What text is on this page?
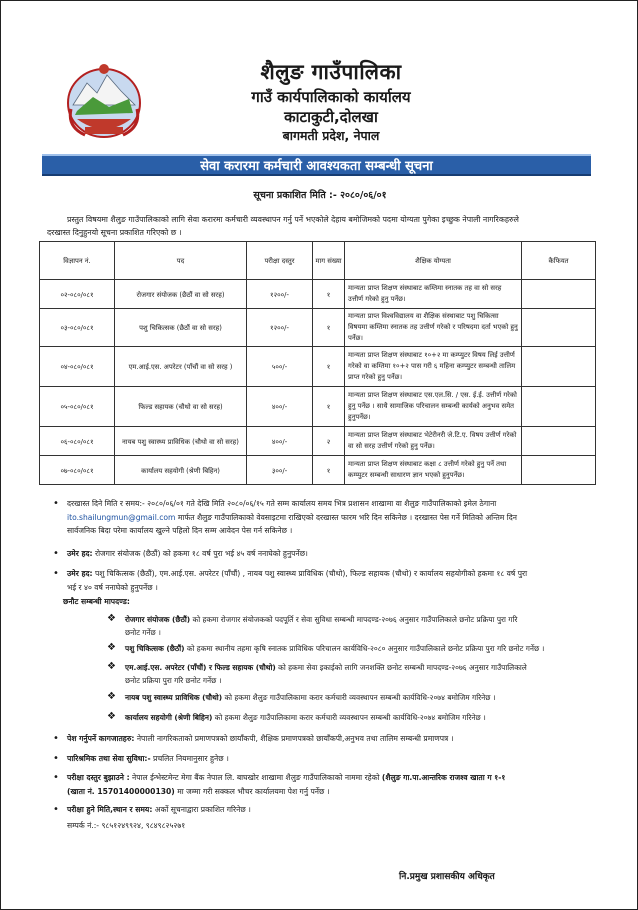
शैलुङ गाउँपालिका
गाउँ कार्यपालिकाको कार्यालय
काटाकुटी,दोलखा
बागमती प्रदेश, नेपाल
सेवा करारमा कर्मचारी आवश्यकता सम्बन्धी सूचना
सूचना प्रकाशित मिति :- २०८०/०६/०१
प्रस्तुत विषयमा शैलुङ गाउँपालिकाको लागि सेवा करारमा कर्मचारी व्यवस्थापन गर्नु पर्ने भएकोले देहाय बमोजिमको पदमा योग्यता पुगेका इच्छुक नेपाली नागरिकहरुले
दरखास्त दिनुहुनयो सूचना प्रकाशित गरिएको छ ।
विज्ञापन नं.	पद	परीक्षा दस्तुर	माग संख्या	शैक्षिक योग्यता	कैफियत
०२-०८०/०८१	रोजगार संयोजक (छैठौं वा सो सरह)	१२००/-	१	मान्यता प्राप्त शिक्षण संस्थाबाट कम्तिमा स्नातक तह वा सो सरह उत्तीर्ण गरेको हुनु पर्नेछ।	
०३-०८०/०८१	पशु चिकित्सक (छैठौं वा सो सरह)	१२००/-	१	मान्यता प्राप्त विश्वविद्यालय वा शैक्षिक संस्थाबाट पशु चिकित्सा विषयमा कम्तिमा स्नातक तह उत्तीर्ण गरेको र परिषदमा दर्ता भएको हुनु पर्नेछ।	
०४-०८०/०८१	एम.आई.एस. अपरेटर (पाँचौं वा सो सरह )	५००/-	१	मान्यता प्राप्त शिक्षण संस्थाबाट १०+२ मा कम्प्युटर विषय लिई उत्तीर्ण गरेको वा कम्तिमा १०+२ पास गरी ६ महिना कम्प्युटर सम्बन्धी तालिम प्राप्त गरेको हुनु पर्नेछ।	
०५-०८०/०८१	फिल्ड सहायक (चौथो वा सो सरह)	४००/-	१	मान्यता प्राप्त शिक्षण संस्थाबाट एस.एल.सि. / एस. ई.ई. उत्तीर्ण गरेको हुनु पर्नेछ । साथै सामाजिक परिचालन सम्बन्धी कार्यको अनुभव समेत हुनुपर्नेछ।	
०६-०८०/०८१	नायब पशु स्वास्थ्य प्राविधिक (चौथो वा सो सरह)	४००/-	२	मान्यता प्राप्त शिक्षण संस्थाबाट भेटेरीनरी जे.टि.ए. विषय उत्तीर्ण गरेको वा सो सरह उत्तीर्ण गरेको हुनु पर्नेछ।	
०७-०८०/०८१	कार्यालय सहयोगी (श्रेणी बिहिन)	३००/-	१	मान्यता प्राप्त शिक्षण संस्थाबाट कक्षा ८ उत्तीर्ण गरेको हुनु पर्ने तथा कम्प्युटर सम्बन्धी साधारण ज्ञान भएको हुनुपर्नेछ।	
• दरखास्त दिने मिति र समय:- २०८०/०६/०१ गते देखि मिति २०८०/०६/१५ गते सम्म कार्यालय समय भित्र प्रशासन शाखामा वा शैलुङ गाउँपालिकाको इमेल ठेगाना
ito.shailungmun@gmail.com मार्फत शैलुङ गाउँपालिकाको वेवसाइटमा राखिएको दरखास्त फारम भरि दिन सकिनेछ । दरखास्त पेस गर्ने मितिको अन्तिम दिन
सार्वजनिक बिदा परेमा कार्यालय खुल्ने पहिलो दिन सम्म आवेदन पेस गर्न सकिनेछ ।
• उमेर हद: रोजगार संयोजक (छैठौं) को हकमा १८ वर्ष पुरा भई ४५ वर्ष ननाघेको हुनुपर्नेछ।
• उमेर हद: पशु चिकित्सक (छैठौं), एम.आई.एस. अपरेटर (पाँचौं) , नायब पशु स्वास्थ्य प्राविधिक (चौथो), फिल्ड सहायक (चौथो) र कार्यालय सहयोगीको हकमा १८ वर्ष पुरा
भई र ४० वर्ष ननाघेको हुनुपर्नेछ ।
छनौट सम्बन्धी मापदण्ड:
❖ रोजगार संयोजक (छैठौं) को हकमा रोजगार संयोजकको पदपूर्ति र सेवा सुविधा सम्बन्धी मापदण्ड-२०७६ अनुसार गाउँपालिकाले छनोट प्रक्रिया पुरा गरि
छनोट गर्नेछ ।
❖ पशु चिकित्सक (छैठौं) को हकमा स्थानीय तहमा कृषि स्नातक प्राविधिक परिचालन कार्यविधि-२०८० अनुसार गाउँपालिकाले छनोट प्रक्रिया पुरा गरि छनोट गर्नेछ ।
❖ एम.आई.एस. अपरेटर (पाँचौं) र फिल्ड सहायक (चौथो) को हकमा सेवा इकाईको लागि जनशक्ति छनोट सम्बन्धी मापदण्ड-२०७६ अनुसार गाउँपालिकाले
छनोट प्रक्रिया पुरा गरि छनोट गर्नेछ ।
❖ नायब पशु स्वास्थ्य प्राविधिक (चौथो) को हकमा शैलुङ गाउँपालिकामा करार कर्मचारी व्यवस्थापन सम्बन्धी कार्यविधि-२०७४ बमोजिम गरिनेछ ।
❖ कार्यालय सहयोगी (श्रेणी बिहिन) को हकमा शैलुङ गाउँपालिकामा करार कर्मचारी व्यवस्थापन सम्बन्धी कार्यविधि-२०७४ बमोजिम गरिनेछ ।
• पेश गर्नुपर्ने कागजातहरु: नेपाली नागरिकताको प्रमाणपत्रको छायाँकपी, शैक्षिक प्रमाणपत्रको छायाँकपी,अनुभव तथा तालिम सम्बन्धी प्रमाणपत्र ।
• पारिश्रमिक तथा सेवा सुविधा:- प्रचलित नियमानुसार हुनेछ ।
• परीक्षा दस्तुर बुझाउने : नेपाल ईन्भेस्टमेन्ट मेगा बैंक नेपाल लि. बाघखोर शाखामा शैलुङ गाउँपालिकाको नाममा रहेको (शैलुङ गा.पा.आन्तरिक राजश्व खाता ग १-१
(खाता नं. 15701400000130) मा जम्मा गरी सक्कल भौचर कार्यालयमा पेश गर्नु पर्नेछ ।
• परीक्षा हुने मिति,स्थान र समय: अर्को सूचनाद्वारा प्रकाशित गरिनेछ ।
सम्पर्क नं.:- ९८५१२४९९२४, ९८४९८२५२७१
नि.प्रमुख प्रशासकीय अधिकृत
